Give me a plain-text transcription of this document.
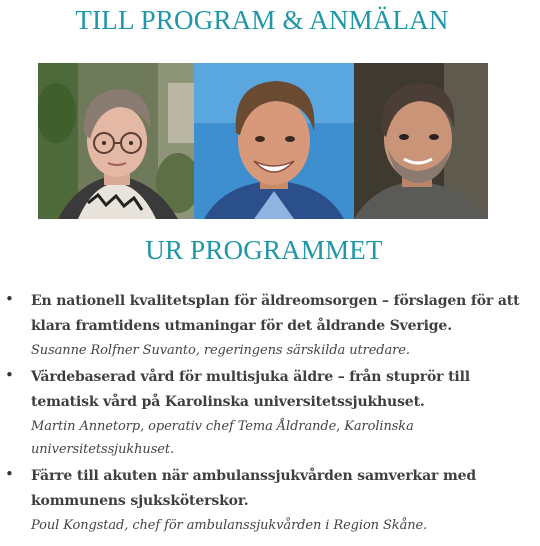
TILL PROGRAM & ANMÄLAN
UR PROGRAMMET
• En nationell kvalitetsplan för äldreomsorgen – förslagen för att klara framtidens utmaningar för det åldrande Sverige.
Susanne Rolfner Suvanto, regeringens särskilda utredare.
• Värdebaserad vård för multisjuka äldre – från stuprör till tematisk vård på Karolinska universitetssjukhuset.
Martin Annetorp, operativ chef Tema Åldrande, Karolinska universitetssjukhuset.
• Färre till akuten när ambulanssjukvården samverkar med kommunens sjuksköterskor.
Poul Kongstad, chef för ambulanssjukvården i Region Skåne.
